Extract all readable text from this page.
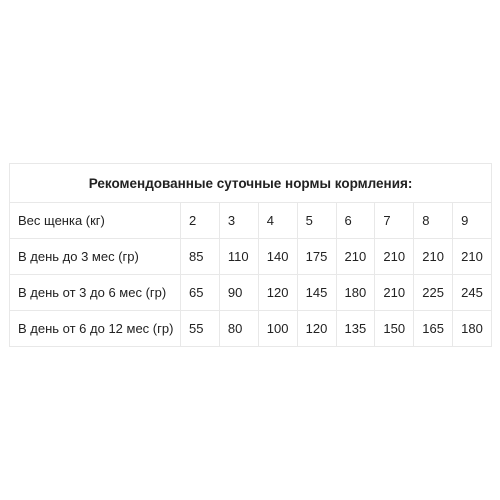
Рекомендованные суточные нормы кормления:								
Вес щенка (кг)	2	3	4	5	6	7	8	9
В день до 3 мес (гр)	85	110	140	175	210	210	210	210
В день от 3 до 6 мес (гр)	65	90	120	145	180	210	225	245
В день от 6 до 12 мес (гр)	55	80	100	120	135	150	165	180
